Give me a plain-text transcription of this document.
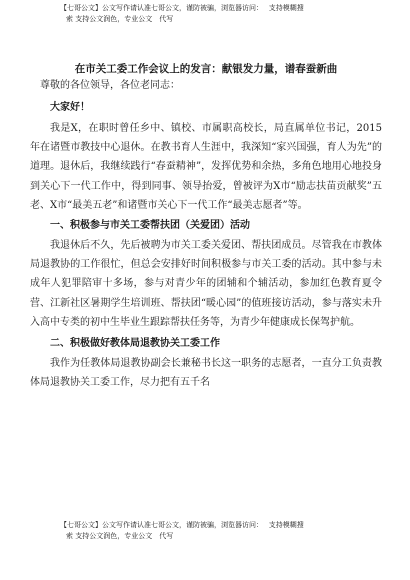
【七哥公文】公文写作请认准七哥公文，谨防被骗，浏览器访问：　 支持模糊搜
索 支持公文润色，专业公文　代写
在市关工委工作会议上的发言：献银发力量，谱春蚕新曲
尊敬的各位领导，各位老同志：
大家好！

我是X，在职时曾任乡中、镇校、市属职高校长，局直属单位书记，2015年在诸暨市教技中心退休。在教书育人生涯中，我深知“家兴国强，育人为先”的道理。退休后，我继续践行“春蚕精神”，发挥优势和余热，多角色地用心地投身到关心下一代工作中，得到同事、领导抬爱，曾被评为X市“励志扶苗贡献奖”五老、X市“最美五老”和诸暨市关心下一代工作“最美志愿者”等。

一、积极参与市关工委帮扶团（关爱团）活动

我退休后不久，先后被聘为市关工委关爱团、帮扶团成员。尽管我在市教体局退教协的工作很忙，但总会安排好时间积极参与市关工委的活动。其中参与未成年人犯罪陪审十多场，参与对青少年的团辅和个辅活动，参加红色教育夏令营、江新社区暑期学生培训班、帮扶团“暖心园”的值班接访活动，参与落实未升入高中专类的初中生毕业生跟踪帮扶任务等，为青少年健康成长保驾护航。

二、积极做好教体局退教协关工委工作

我作为任教体局退教协副会长兼秘书长这一职务的志愿者，一直分工负责教体局退教协关工委工作，尽力把有五千名

【七哥公文】公文写作请认准七哥公文，谨防被骗，浏览器访问：　 支持模糊搜
索 支持公文润色，专业公文　代写
